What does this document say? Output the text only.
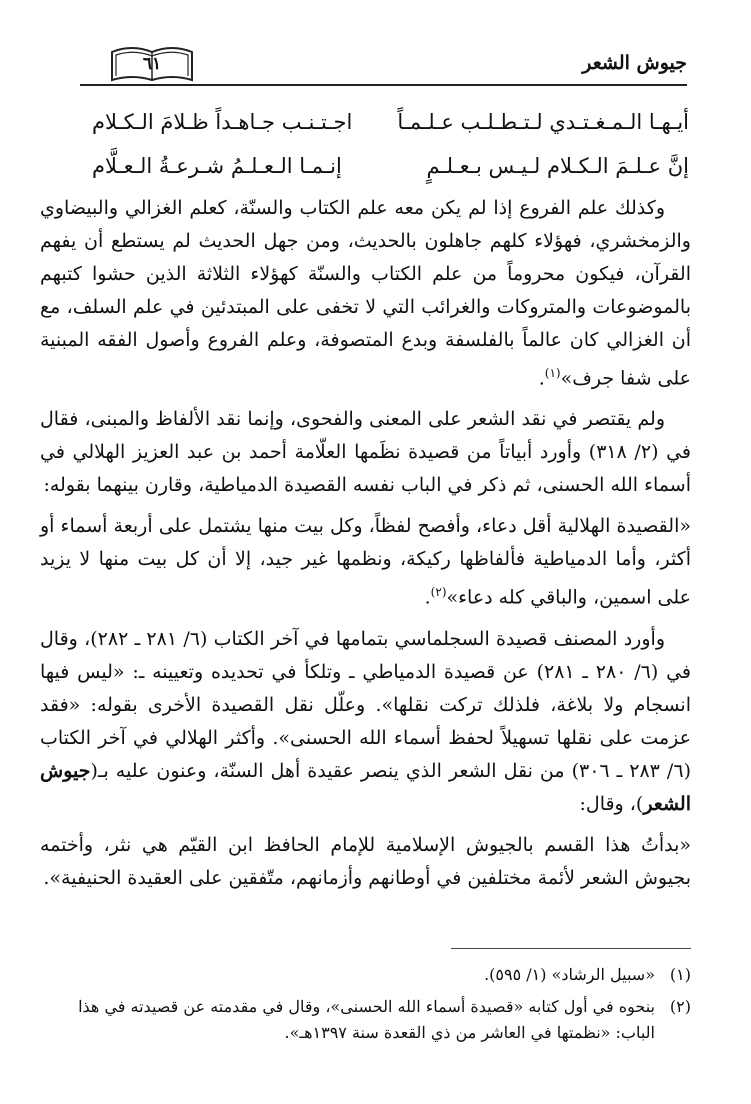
جيوش الشعر
٦١
أيـهـا الـمـغـتـدي لـتـطـلـب عـلـمـاً
اجـتـنـب جـاهـداً ظـلامَ الـكـلام
إنَّ عـلـمَ الـكـلام لـيـس بـعـلـمٍ
إنـمـا الـعـلـمُ شـرعـةُ الـعـلَّام

وكذلك علم الفروع إذا لم يكن معه علم الكتاب والسنّة، كعلم الغزالي والبيضاوي والزمخشري، فهؤلاء كلهم جاهلون بالحديث، ومن جهل الحديث لم يستطع أن يفهم القرآن، فيكون محروماً من علم الكتاب والسنّة كهؤلاء الثلاثة الذين حشوا كتبهم بالموضوعات والمتروكات والغرائب التي لا تخفى على المبتدئين في علم السلف، مع أن الغزالي كان عالماً بالفلسفة وبدع المتصوفة، وعلم الفروع وأصول الفقه المبنية على شفا جرف»$^{(١)}$.

ولم يقتصر في نقد الشعر على المعنى والفحوى، وإنما نقد الألفاظ والمبنى، فقال في (٢/ ٣١٨) وأورد أبياتاً من قصيدة نظَمها العلّامة أحمد بن عبد العزيز الهلالي في أسماء الله الحسنى، ثم ذكر في الباب نفسه القصيدة الدمياطية، وقارن بينهما بقوله:

«القصيدة الهلالية أقل دعاء، وأفصح لفظاً، وكل بيت منها يشتمل على أربعة أسماء أو أكثر، وأما الدمياطية فألفاظها ركيكة، ونظمها غير جيد، إلا أن كل بيت منها لا يزيد على اسمين، والباقي كله دعاء»$^{(٢)}$.

وأورد المصنف قصيدة السجلماسي بتمامها في آخر الكتاب (٦/ ٢٨١ ـ ٢٨٢)، وقال في (٦/ ٢٨٠ ـ ٢٨١) عن قصيدة الدمياطي ـ وتلكأ في تحديده وتعيينه ـ: «ليس فيها انسجام ولا بلاغة، فلذلك تركت نقلها». وعلّل نقل القصيدة الأخرى بقوله: «فقد عزمت على نقلها تسهيلاً لحفظ أسماء الله الحسنى». وأكثر الهلالي في آخر الكتاب (٦/ ٢٨٣ ـ ٣٠٦) من نقل الشعر الذي ينصر عقيدة أهل السنّة، وعنون عليه بـ(جيوش الشعر)، وقال:

«بدأتُ هذا القسم بالجيوش الإسلامية للإمام الحافظ ابن القيّم هي نثر، وأختمه بجيوش الشعر لأئمة مختلفين في أوطانهم وأزمانهم، متّفقين على العقيدة الحنيفية».

(١)
«سبيل الرشاد» (١/ ٥٩٥).
(٢)
بنحوه في أول كتابه «قصيدة أسماء الله الحسنى»، وقال في مقدمته عن قصيدته في هذا الباب: «نظمتها في العاشر من ذي القعدة سنة ١٣٩٧هـ».
